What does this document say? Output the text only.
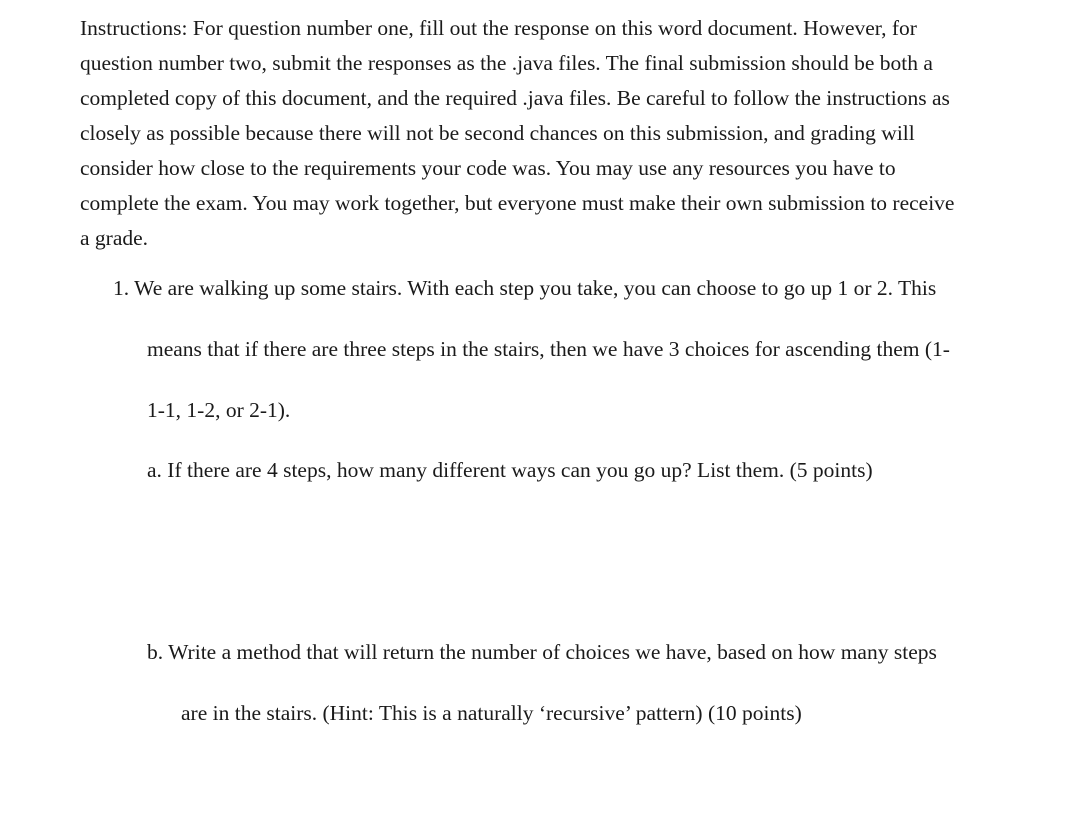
Instructions: For question number one, fill out the response on this word document. However, for
question number two, submit the responses as the .java files. The final submission should be both a
completed copy of this document, and the required .java files. Be careful to follow the instructions as
closely as possible because there will not be second chances on this submission, and grading will
consider how close to the requirements your code was. You may use any resources you have to
complete the exam. You may work together, but everyone must make their own submission to receive
a grade.
1. We are walking up some stairs. With each step you take, you can choose to go up 1 or 2. This
means that if there are three steps in the stairs, then we have 3 choices for ascending them (1-
1-1, 1-2, or 2-1).
a. If there are 4 steps, how many different ways can you go up? List them. (5 points)
b. Write a method that will return the number of choices we have, based on how many steps
are in the stairs. (Hint: This is a naturally ‘recursive’ pattern) (10 points)
